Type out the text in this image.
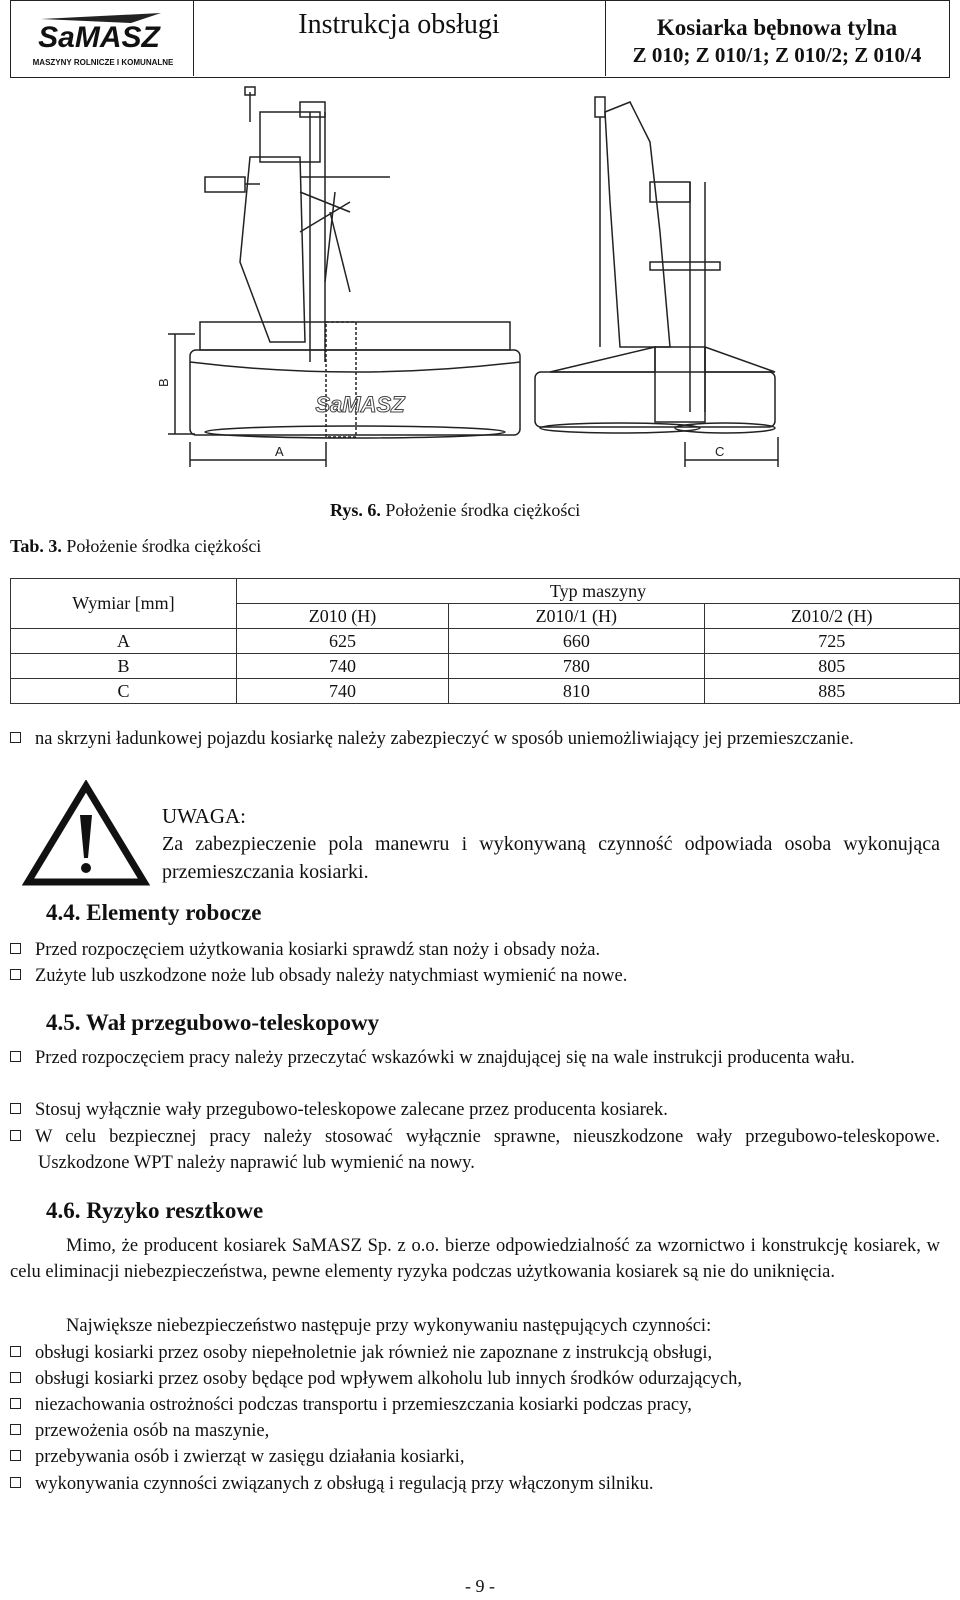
SaMASZ
MASZYNY ROLNICZE I KOMUNALNE
Instrukcja obsługi	Kosiarka bębnowa tylna
Z 010; Z 010/1; Z 010/2; Z 010/4
B
A	C
SaMASZ
Rys. 6. Położenie środka ciężkości
Tab. 3. Położenie środka ciężkości
Wymiar [mm]	Typ maszyny		
	Z010 (H)	Z010/1 (H)	Z010/2 (H)
A	625	660	725
B	740	780	805
C	740	810	885
na skrzyni ładunkowej pojazdu kosiarkę należy zabezpieczyć w sposób uniemożliwiający jej przemieszczanie.
UWAGA:
Za zabezpieczenie pola manewru i wykonywaną czynność odpowiada osoba wykonująca przemieszczania kosiarki.
4.4. Elementy robocze
Przed rozpoczęciem użytkowania kosiarki sprawdź stan noży i obsady noża.
Zużyte lub uszkodzone noże lub obsady należy natychmiast wymienić na nowe.
4.5. Wał przegubowo-teleskopowy
Przed rozpoczęciem pracy należy przeczytać wskazówki w znajdującej się na wale instrukcji producenta wału.
Stosuj wyłącznie wały przegubowo-teleskopowe zalecane przez producenta kosiarek.
W celu bezpiecznej pracy należy stosować wyłącznie sprawne, nieuszkodzone wały przegubowo-teleskopowe. Uszkodzone WPT należy naprawić lub wymienić na nowy.
4.6. Ryzyko resztkowe
Mimo, że producent kosiarek SaMASZ Sp. z o.o. bierze odpowiedzialność za wzornictwo i konstrukcję kosiarek, w celu eliminacji niebezpieczeństwa, pewne elementy ryzyka podczas użytkowania kosiarek są nie do uniknięcia.
Największe niebezpieczeństwo następuje przy wykonywaniu następujących czynności:
obsługi kosiarki przez osoby niepełnoletnie jak również nie zapoznane z instrukcją obsługi,
obsługi kosiarki przez osoby będące pod wpływem alkoholu lub innych środków odurzających,
niezachowania ostrożności podczas transportu i przemieszczania kosiarki podczas pracy,
przewożenia osób na maszynie,
przebywania osób i zwierząt w zasięgu działania kosiarki,
wykonywania czynności związanych z obsługą i regulacją przy włączonym silniku.
- 9 -
